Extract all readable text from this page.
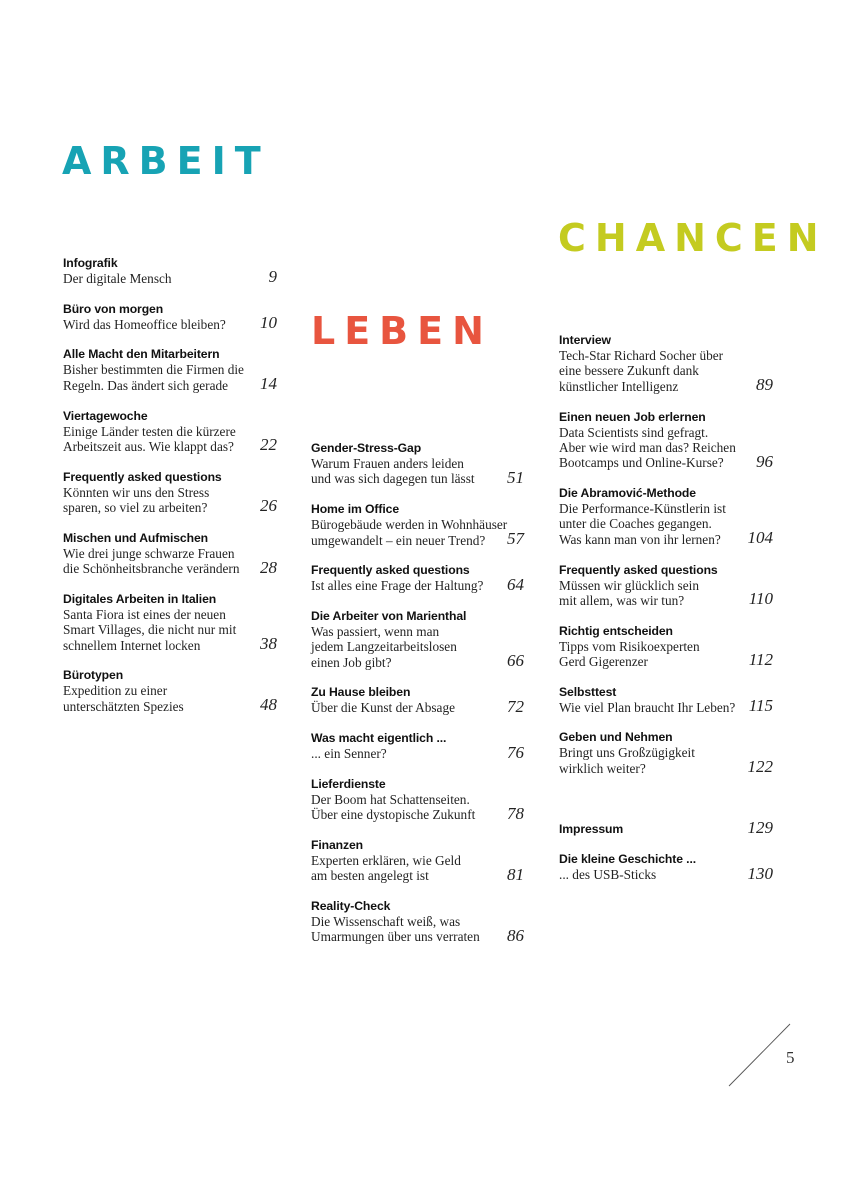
ARBEIT
LEBEN
CHANCEN
Infografik
Der digitale Mensch	9
Büro von morgen
Wird das Homeoffice bleiben?	10
Alle Macht den Mitarbeitern
Bisher bestimmten die Firmen die
Regeln. Das ändert sich gerade	14
Viertagewoche
Einige Länder testen die kürzere
Arbeitszeit aus. Wie klappt das?	22
Frequently asked questions
Könnten wir uns den Stress
sparen, so viel zu arbeiten?	26
Mischen und Aufmischen
Wie drei junge schwarze Frauen
die Schönheitsbranche verändern	28
Digitales Arbeiten in Italien
Santa Fiora ist eines der neuen
Smart Villages, die nicht nur mit
schnellem Internet locken	38
Bürotypen
Expedition zu einer
unterschätzten Spezies	48
Gender-Stress-Gap
Warum Frauen anders leiden
und was sich dagegen tun lässt	51
Home im Office
Bürogebäude werden in Wohnhäuser
umgewandelt – ein neuer Trend?	57
Frequently asked questions
Ist alles eine Frage der Haltung?	64
Die Arbeiter von Marienthal
Was passiert, wenn man
jedem Langzeitarbeitslosen
einen Job gibt?	66
Zu Hause bleiben
Über die Kunst der Absage	72
Was macht eigentlich ...
... ein Senner?	76
Lieferdienste
Der Boom hat Schattenseiten.
Über eine dystopische Zukunft	78
Finanzen
Experten erklären, wie Geld
am besten angelegt ist	81
Reality-Check
Die Wissenschaft weiß, was
Umarmungen über uns verraten	86
Interview
Tech-Star Richard Socher über
eine bessere Zukunft dank
künstlicher Intelligenz	89
Einen neuen Job erlernen
Data Scientists sind gefragt.
Aber wie wird man das? Reichen
Bootcamps und Online-Kurse?	96
Die Abramović-Methode
Die Performance-Künstlerin ist
unter die Coaches gegangen.
Was kann man von ihr lernen?	104
Frequently asked questions
Müssen wir glücklich sein
mit allem, was wir tun?	110
Richtig entscheiden
Tipps vom Risikoexperten
Gerd Gigerenzer	112
Selbsttest
Wie viel Plan braucht Ihr Leben? 115
Geben und Nehmen
Bringt uns Großzügigkeit
wirklich weiter?	122
Impressum	129
Die kleine Geschichte ...
... des USB-Sticks	130
5
